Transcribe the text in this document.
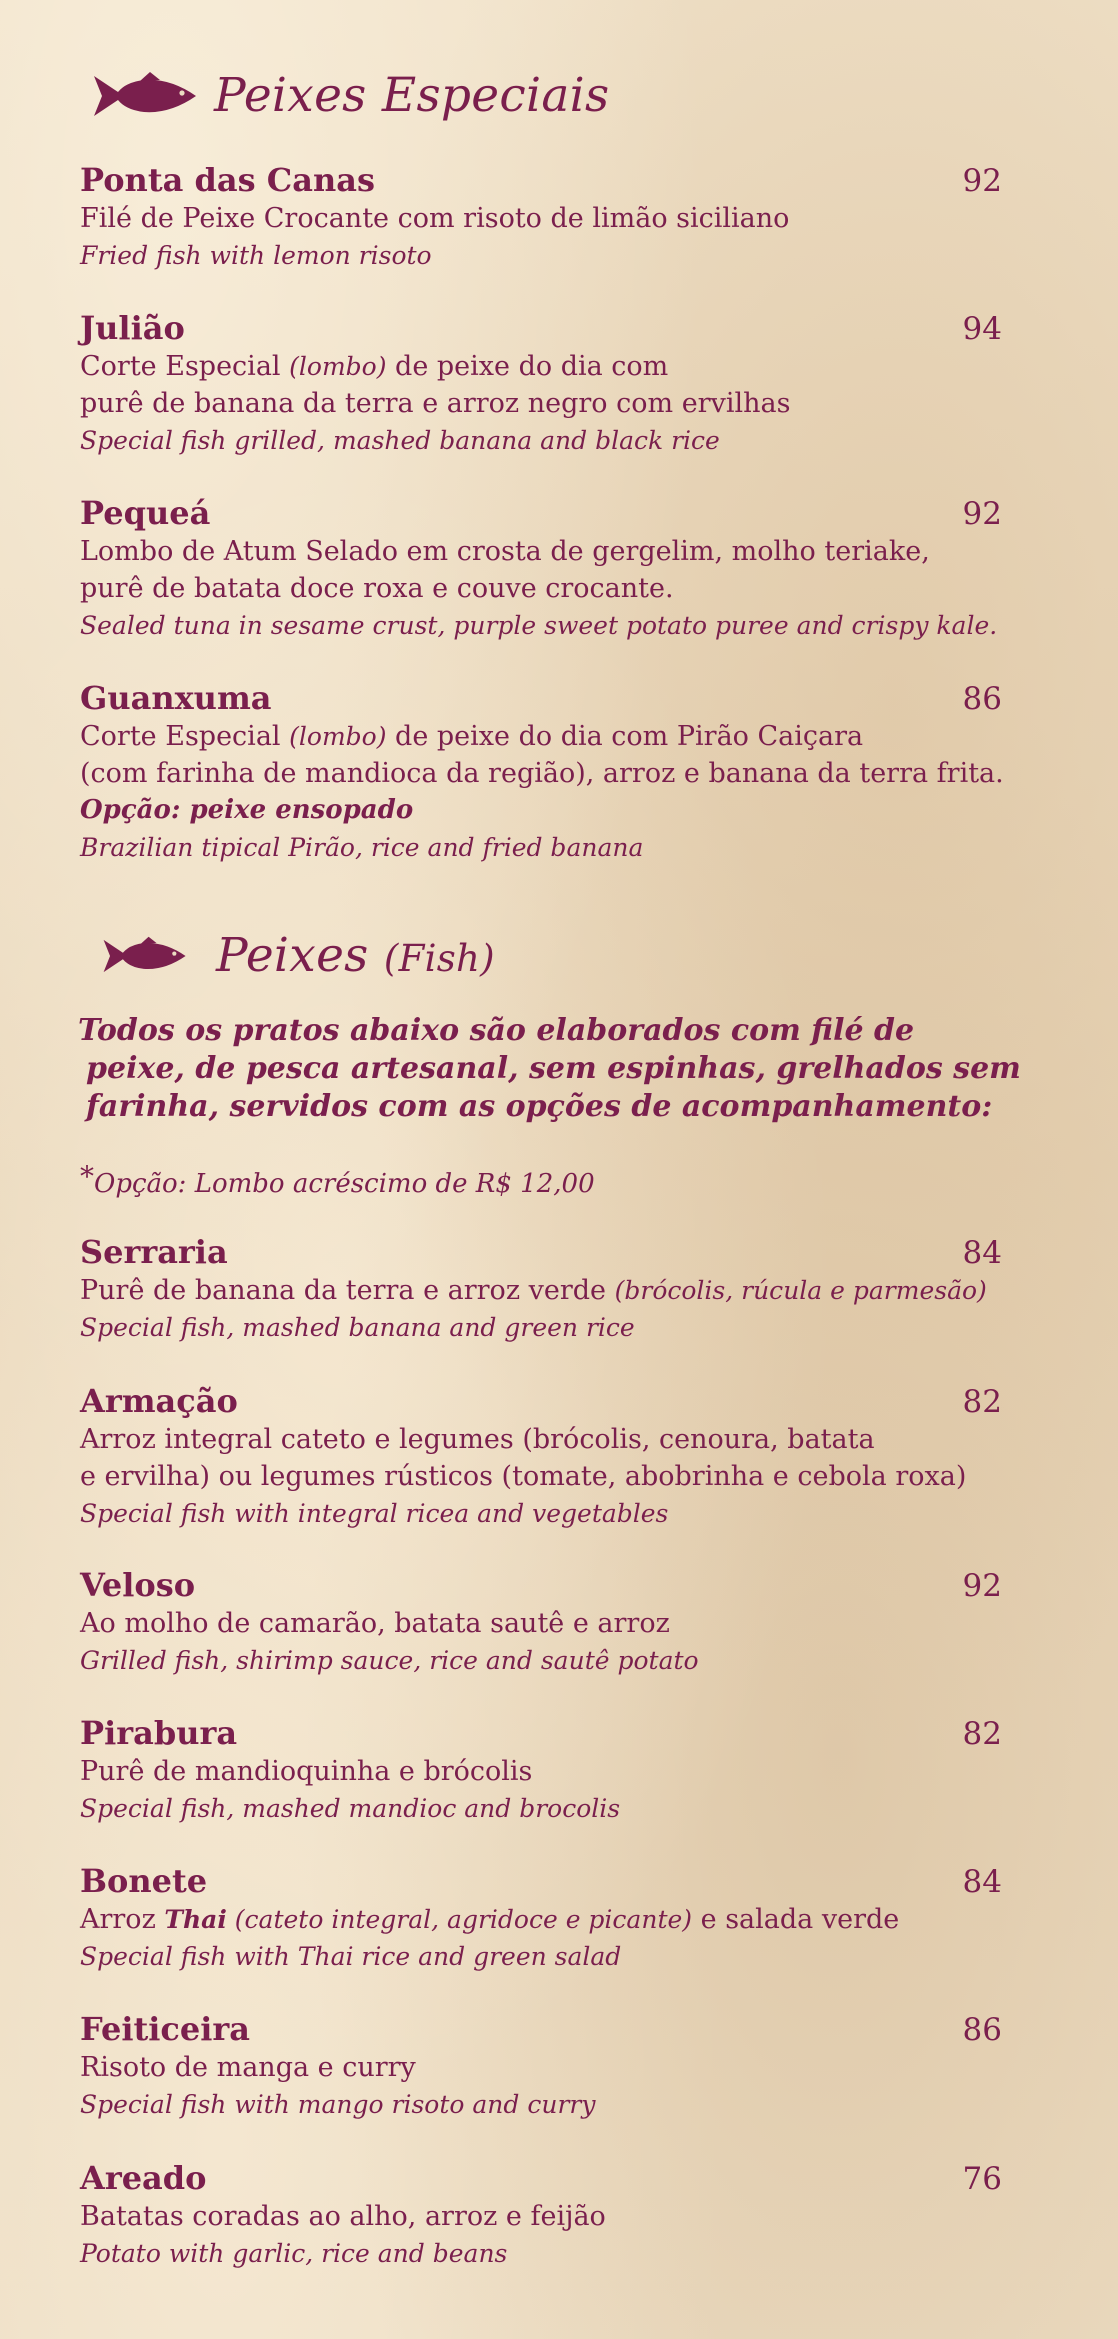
Peixes Especiais
Ponta das Canas	92

Filé de Peixe Crocante com risoto de limão siciliano

Fried fish with lemon risoto

Julião	94

Corte Especial (lombo) de peixe do dia com

purê de banana da terra e arroz negro com ervilhas

Special fish grilled, mashed banana and black rice

Pequeá	92

Lombo de Atum Selado em crosta de gergelim, molho teriake,

purê de batata doce roxa e couve crocante.

Sealed tuna in sesame crust, purple sweet potato puree and crispy kale.

Guanxuma	86

Corte Especial (lombo) de peixe do dia com Pirão Caiçara

(com farinha de mandioca da região), arroz e banana da terra frita.

Opção: peixe ensopado

Brazilian tipical Pirão, rice and fried banana

Peixes (Fish)
Todos os pratos abaixo são elaborados com filé de
peixe, de pesca artesanal, sem espinhas, grelhados sem
farinha, servidos com as opções de acompanhamento:
*Opção: Lombo acréscimo de R$ 12,00
Serraria	84

Purê de banana da terra e arroz verde (brócolis, rúcula e parmesão)

Special fish, mashed banana and green rice

Armação	82

Arroz integral cateto e legumes (brócolis, cenoura, batata

e ervilha) ou legumes rústicos (tomate, abobrinha e cebola roxa)

Special fish with integral ricea and vegetables

Veloso	92

Ao molho de camarão, batata sautê e arroz

Grilled fish, shirimp sauce, rice and sautê potato

Pirabura	82

Purê de mandioquinha e brócolis

Special fish, mashed mandioc and brocolis

Bonete	84

Arroz Thai (cateto integral, agridoce e picante) e salada verde

Special fish with Thai rice and green salad

Feiticeira	86

Risoto de manga e curry

Special fish with mango risoto and curry

Areado	76

Batatas coradas ao alho, arroz e feijão

Potato with garlic, rice and beans
